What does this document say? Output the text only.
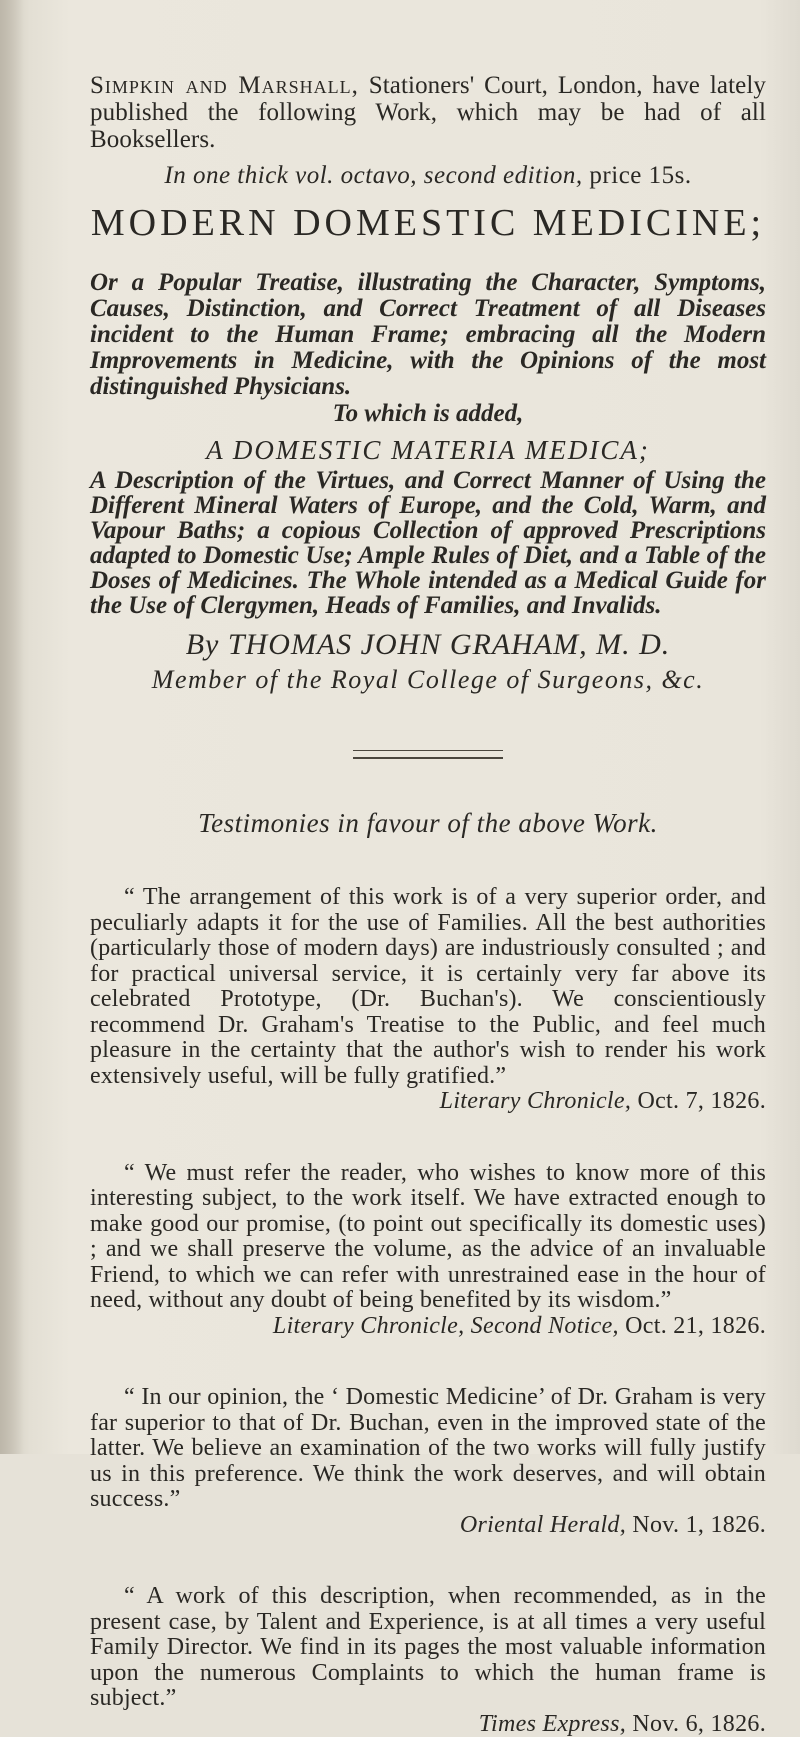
Simpkin and Marshall, Stationers' Court, London, have lately published the following Work, which may be had of all Booksellers.

In one thick vol. octavo, second edition, price 15s.

MODERN DOMESTIC MEDICINE;

Or a Popular Treatise, illustrating the Character, Symptoms, Causes, Distinction, and Correct Treatment of all Diseases incident to the Human Frame; embracing all the Modern Improvements in Medicine, with the Opinions of the most distinguished Physicians.

To which is added,

A DOMESTIC MATERIA MEDICA;

A Description of the Virtues, and Correct Manner of Using the Different Mineral Waters of Europe, and the Cold, Warm, and Vapour Baths; a copious Collection of approved Prescriptions adapted to Domestic Use; Ample Rules of Diet, and a Table of the Doses of Medicines. The Whole intended as a Medical Guide for the Use of Clergymen, Heads of Families, and Invalids.

By THOMAS JOHN GRAHAM, M. D.

Member of the Royal College of Surgeons, &c.

Testimonies in favour of the above Work.

“ The arrangement of this work is of a very superior order, and peculiarly adapts it for the use of Families. All the best authorities (particularly those of modern days) are industriously consulted ; and for practical universal service, it is certainly very far above its celebrated Prototype, (Dr. Buchan's). We conscientiously recommend Dr. Graham's Treatise to the Public, and feel much pleasure in the certainty that the author's wish to render his work extensively useful, will be fully gratified.”

Literary Chronicle, Oct. 7, 1826.

“ We must refer the reader, who wishes to know more of this interesting subject, to the work itself. We have extracted enough to make good our promise, (to point out specifically its domestic uses) ; and we shall preserve the volume, as the advice of an invaluable Friend, to which we can refer with unrestrained ease in the hour of need, without any doubt of being benefited by its wisdom.”

Literary Chronicle, Second Notice, Oct. 21, 1826.

“ In our opinion, the ‘ Domestic Medicine’ of Dr. Graham is very far superior to that of Dr. Buchan, even in the improved state of the latter. We believe an examination of the two works will fully justify us in this preference. We think the work deserves, and will obtain success.”

Oriental Herald, Nov. 1, 1826.

“ A work of this description, when recommended, as in the present case, by Talent and Experience, is at all times a very useful Family Director. We find in its pages the most valuable information upon the numerous Complaints to which the human frame is subject.”

Times Express, Nov. 6, 1826.
